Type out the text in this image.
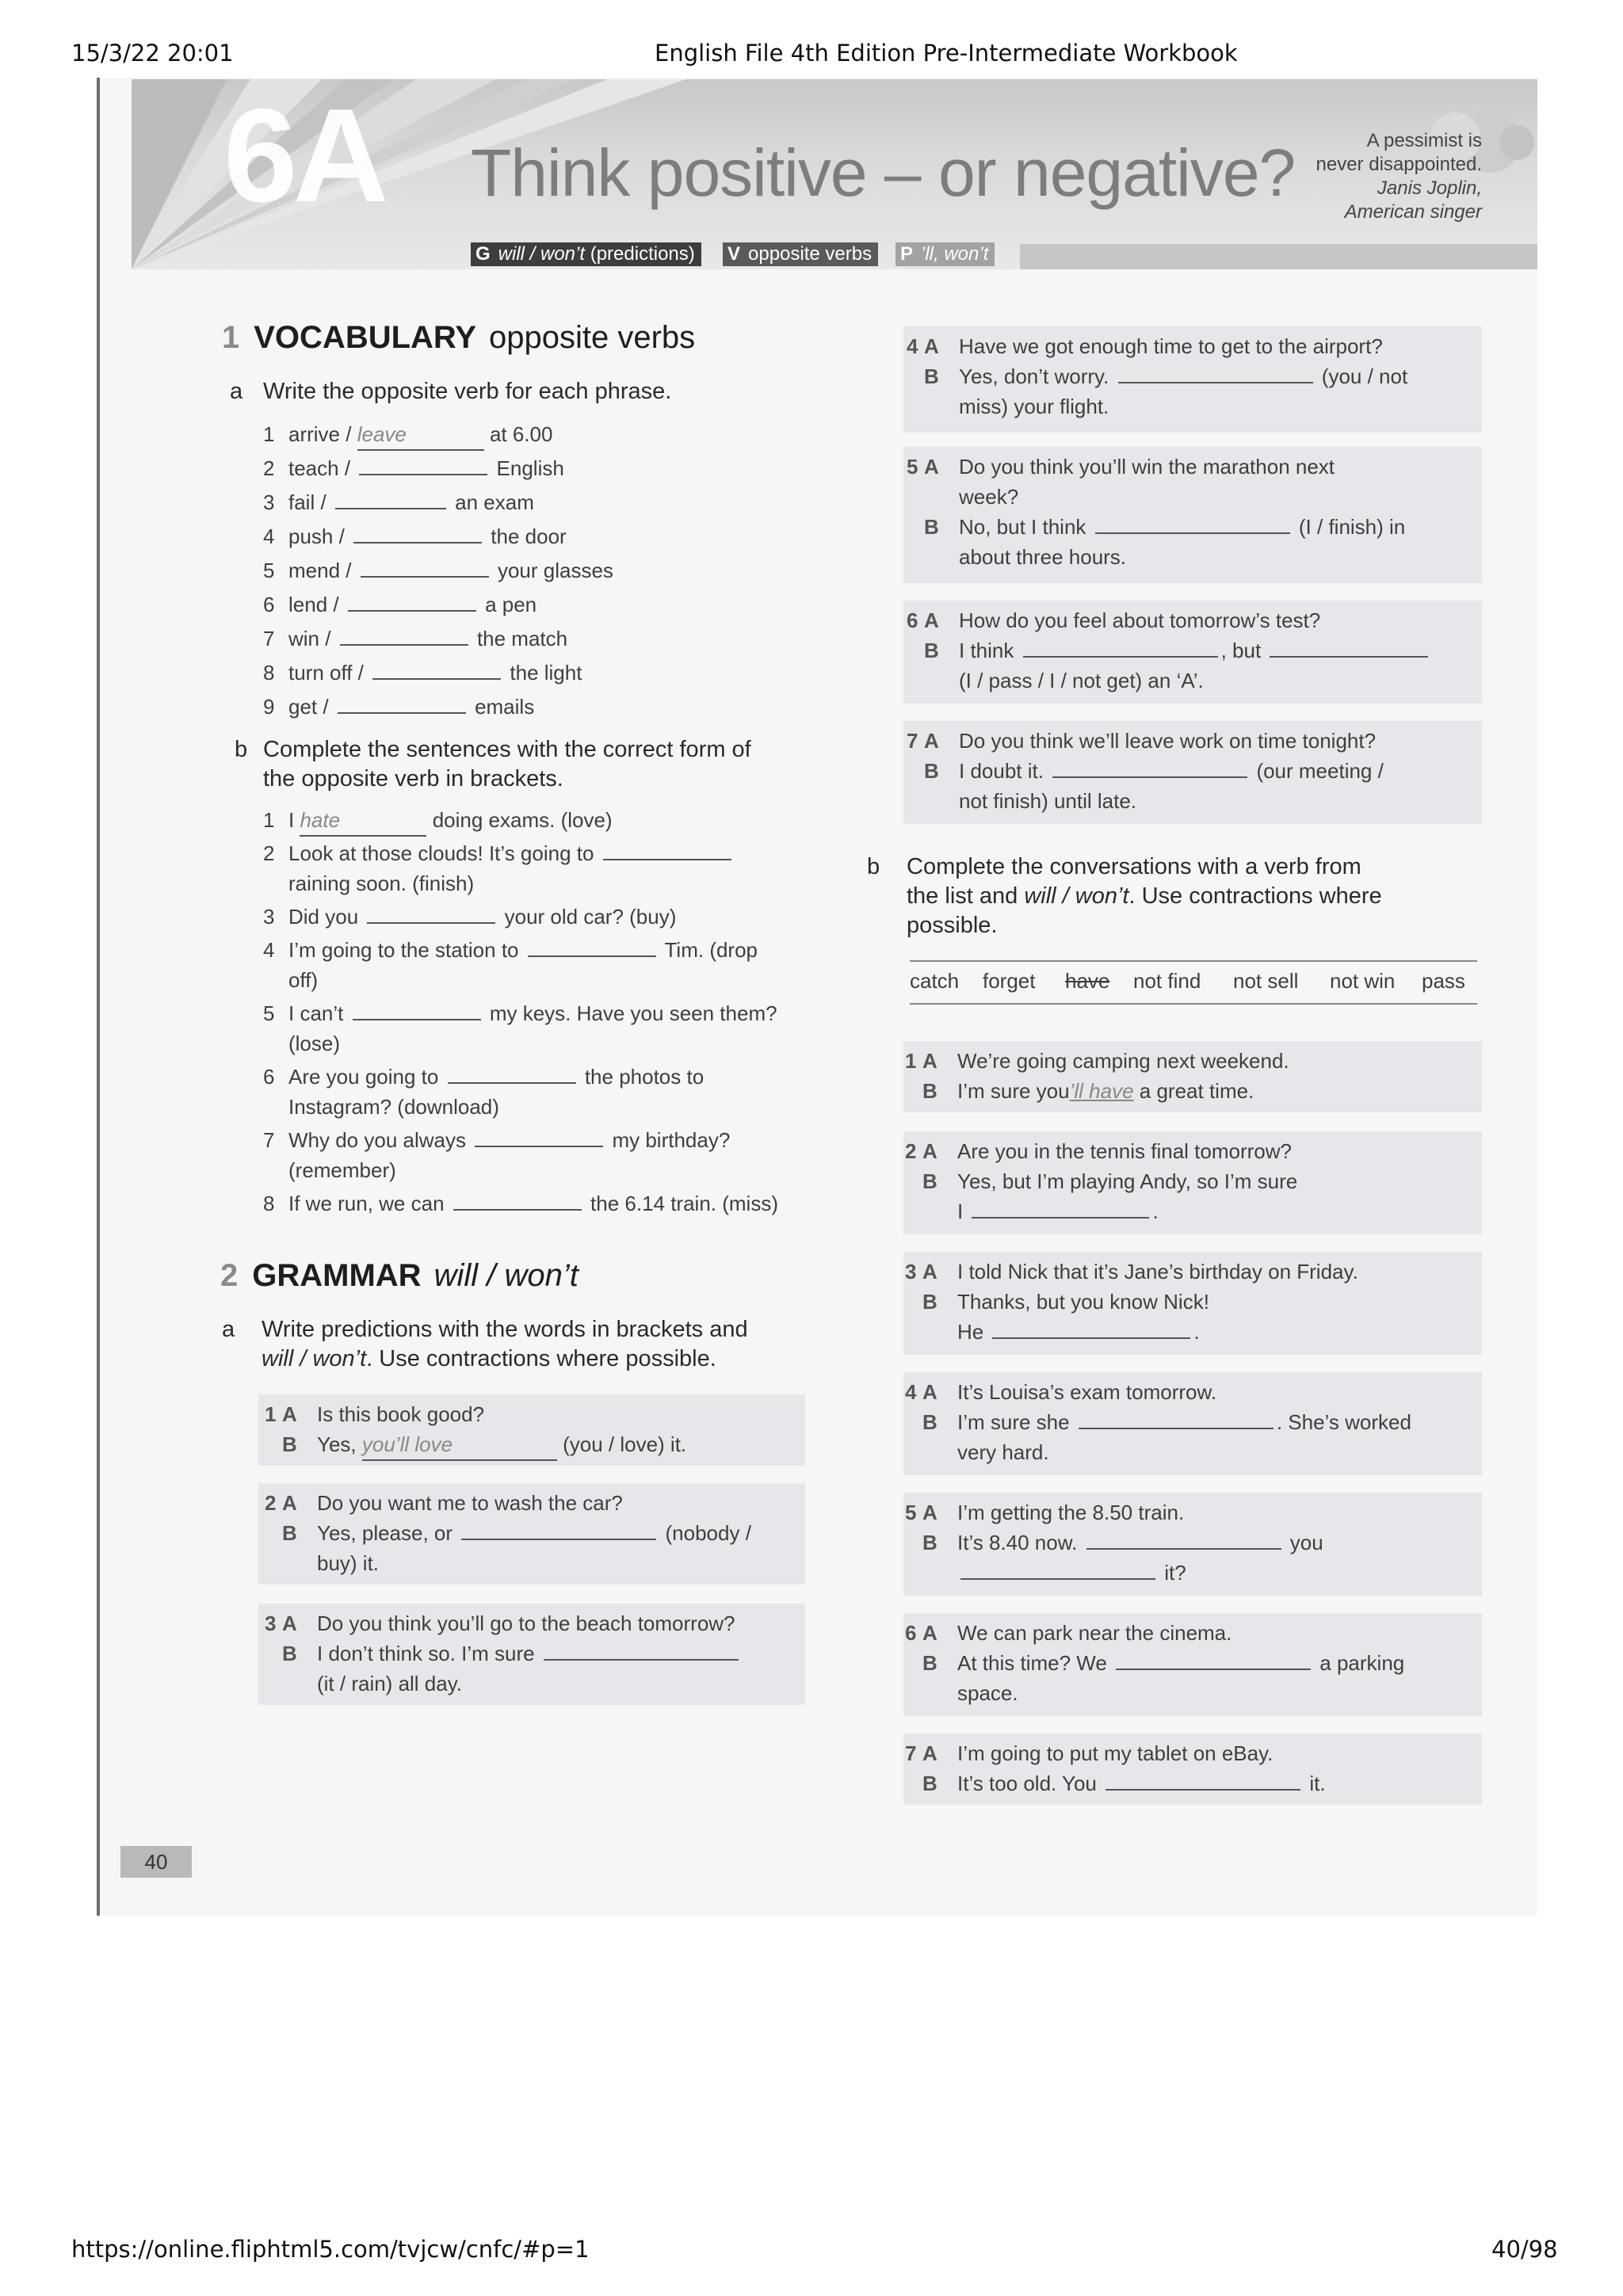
15/3/22 20:01	English File 4th Edition Pre-Intermediate Workbook
6A Think positive – or negative?	A pessimist is
never disappointed.
Janis Joplin,
American singer
G will / won’t (predictions)	V opposite verbs	P ’ll, won’t
1 VOCABULARY opposite verbs
a Write the opposite verb for each phrase.
1 arrive / leave	at 6.00
2 teach /	English
3 fail /	an exam
4 push /	the door
5 mend /	your glasses
6 lend /	a pen
7 win /	the match
8 turn off /	the light
9 get /	emails
b Complete the sentences with the correct form of
the opposite verb in brackets.
1 I hate	doing exams. (love)
2 Look at those clouds! It’s going to
raining soon. (finish)
3 Did you	your old car? (buy)
4 I’m going to the station to	Tim. (drop
off)
5 I can’t	my keys. Have you seen them?
(lose)
6 Are you going to	the photos to
Instagram? (download)
7 Why do you always	my birthday?
(remember)
8 If we run, we can	the 6.14 train. (miss)
2 GRAMMAR will / won’t
a Write predictions with the words in brackets and
will / won’t. Use contractions where possible.
1 A Is this book good?
B Yes, you’ll love	(you / love) it.
2 A Do you want me to wash the car?
B Yes, please, or	(nobody /
buy) it.
3 A Do you think you’ll go to the beach tomorrow?
B I don’t think so. I’m sure
(it / rain) all day.
4 A Have we got enough time to get to the airport?
B Yes, don’t worry.	(you / not
miss) your flight.
5 A Do you think you’ll win the marathon next
week?
B No, but I think	(I / finish) in
about three hours.
6 A How do you feel about tomorrow’s test?
B I think	, but
(I / pass / I / not get) an ‘A’.
7 A Do you think we’ll leave work on time tonight?
B I doubt it.	(our meeting /
not finish) until late.
b Complete the conversations with a verb from
the list and will / won’t. Use contractions where
possible.
catch forget have not find not sell not win pass
1 A We’re going camping next weekend.
B I’m sure you’ll have a great time.
2 A Are you in the tennis final tomorrow?
B Yes, but I’m playing Andy, so I’m sure
I	.
3 A I told Nick that it’s Jane’s birthday on Friday.
B Thanks, but you know Nick!
He	.
4 A It’s Louisa’s exam tomorrow.
B I’m sure she	. She’s worked
very hard.
5 A I’m getting the 8.50 train.
B It’s 8.40 now.	you
it?
6 A We can park near the cinema.
B At this time? We	a parking
space.
7 A I’m going to put my tablet on eBay.
B It’s too old. You	it.
40
https://online.fliphtml5.com/tvjcw/cnfc/#p=1	40/98
